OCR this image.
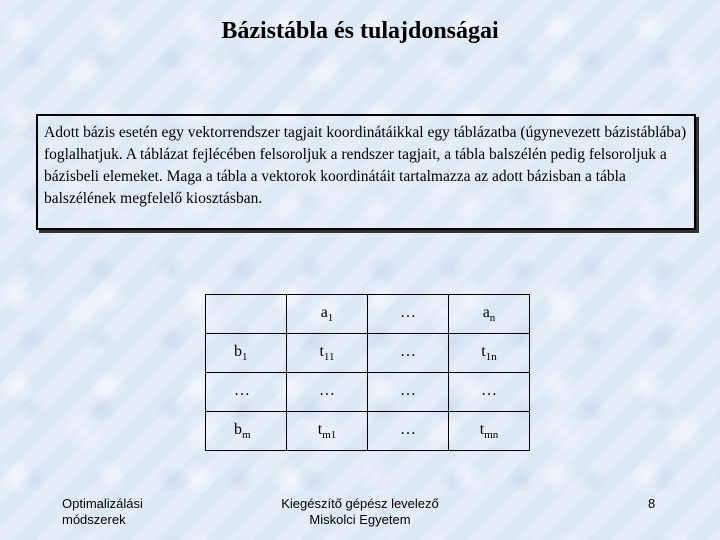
Bázistábla és tulajdonságai
Adott bázis esetén egy vektorrendszer tagjait koordinátáikkal egy táblázatba (úgynevezett bázistáblába) foglalhatjuk. A táblázat fejlécében felsoroljuk a rendszer tagjait, a tábla balszélén pedig felsoroljuk a bázisbeli elemeket. Maga a tábla a vektorok koordinátáit tartalmazza az adott bázisban a tábla balszélének megfelelő kiosztásban.
	$a_1$	…	$a_n$
$b_1$	$t_{11}$	…	$t_{1n}$
…	…	…	…
$b_m$	$t_{m1}$	…	$t_{mn}$
Optimalizálási
módszerek
Kiegészítő gépész levelező
Miskolci Egyetem
8
